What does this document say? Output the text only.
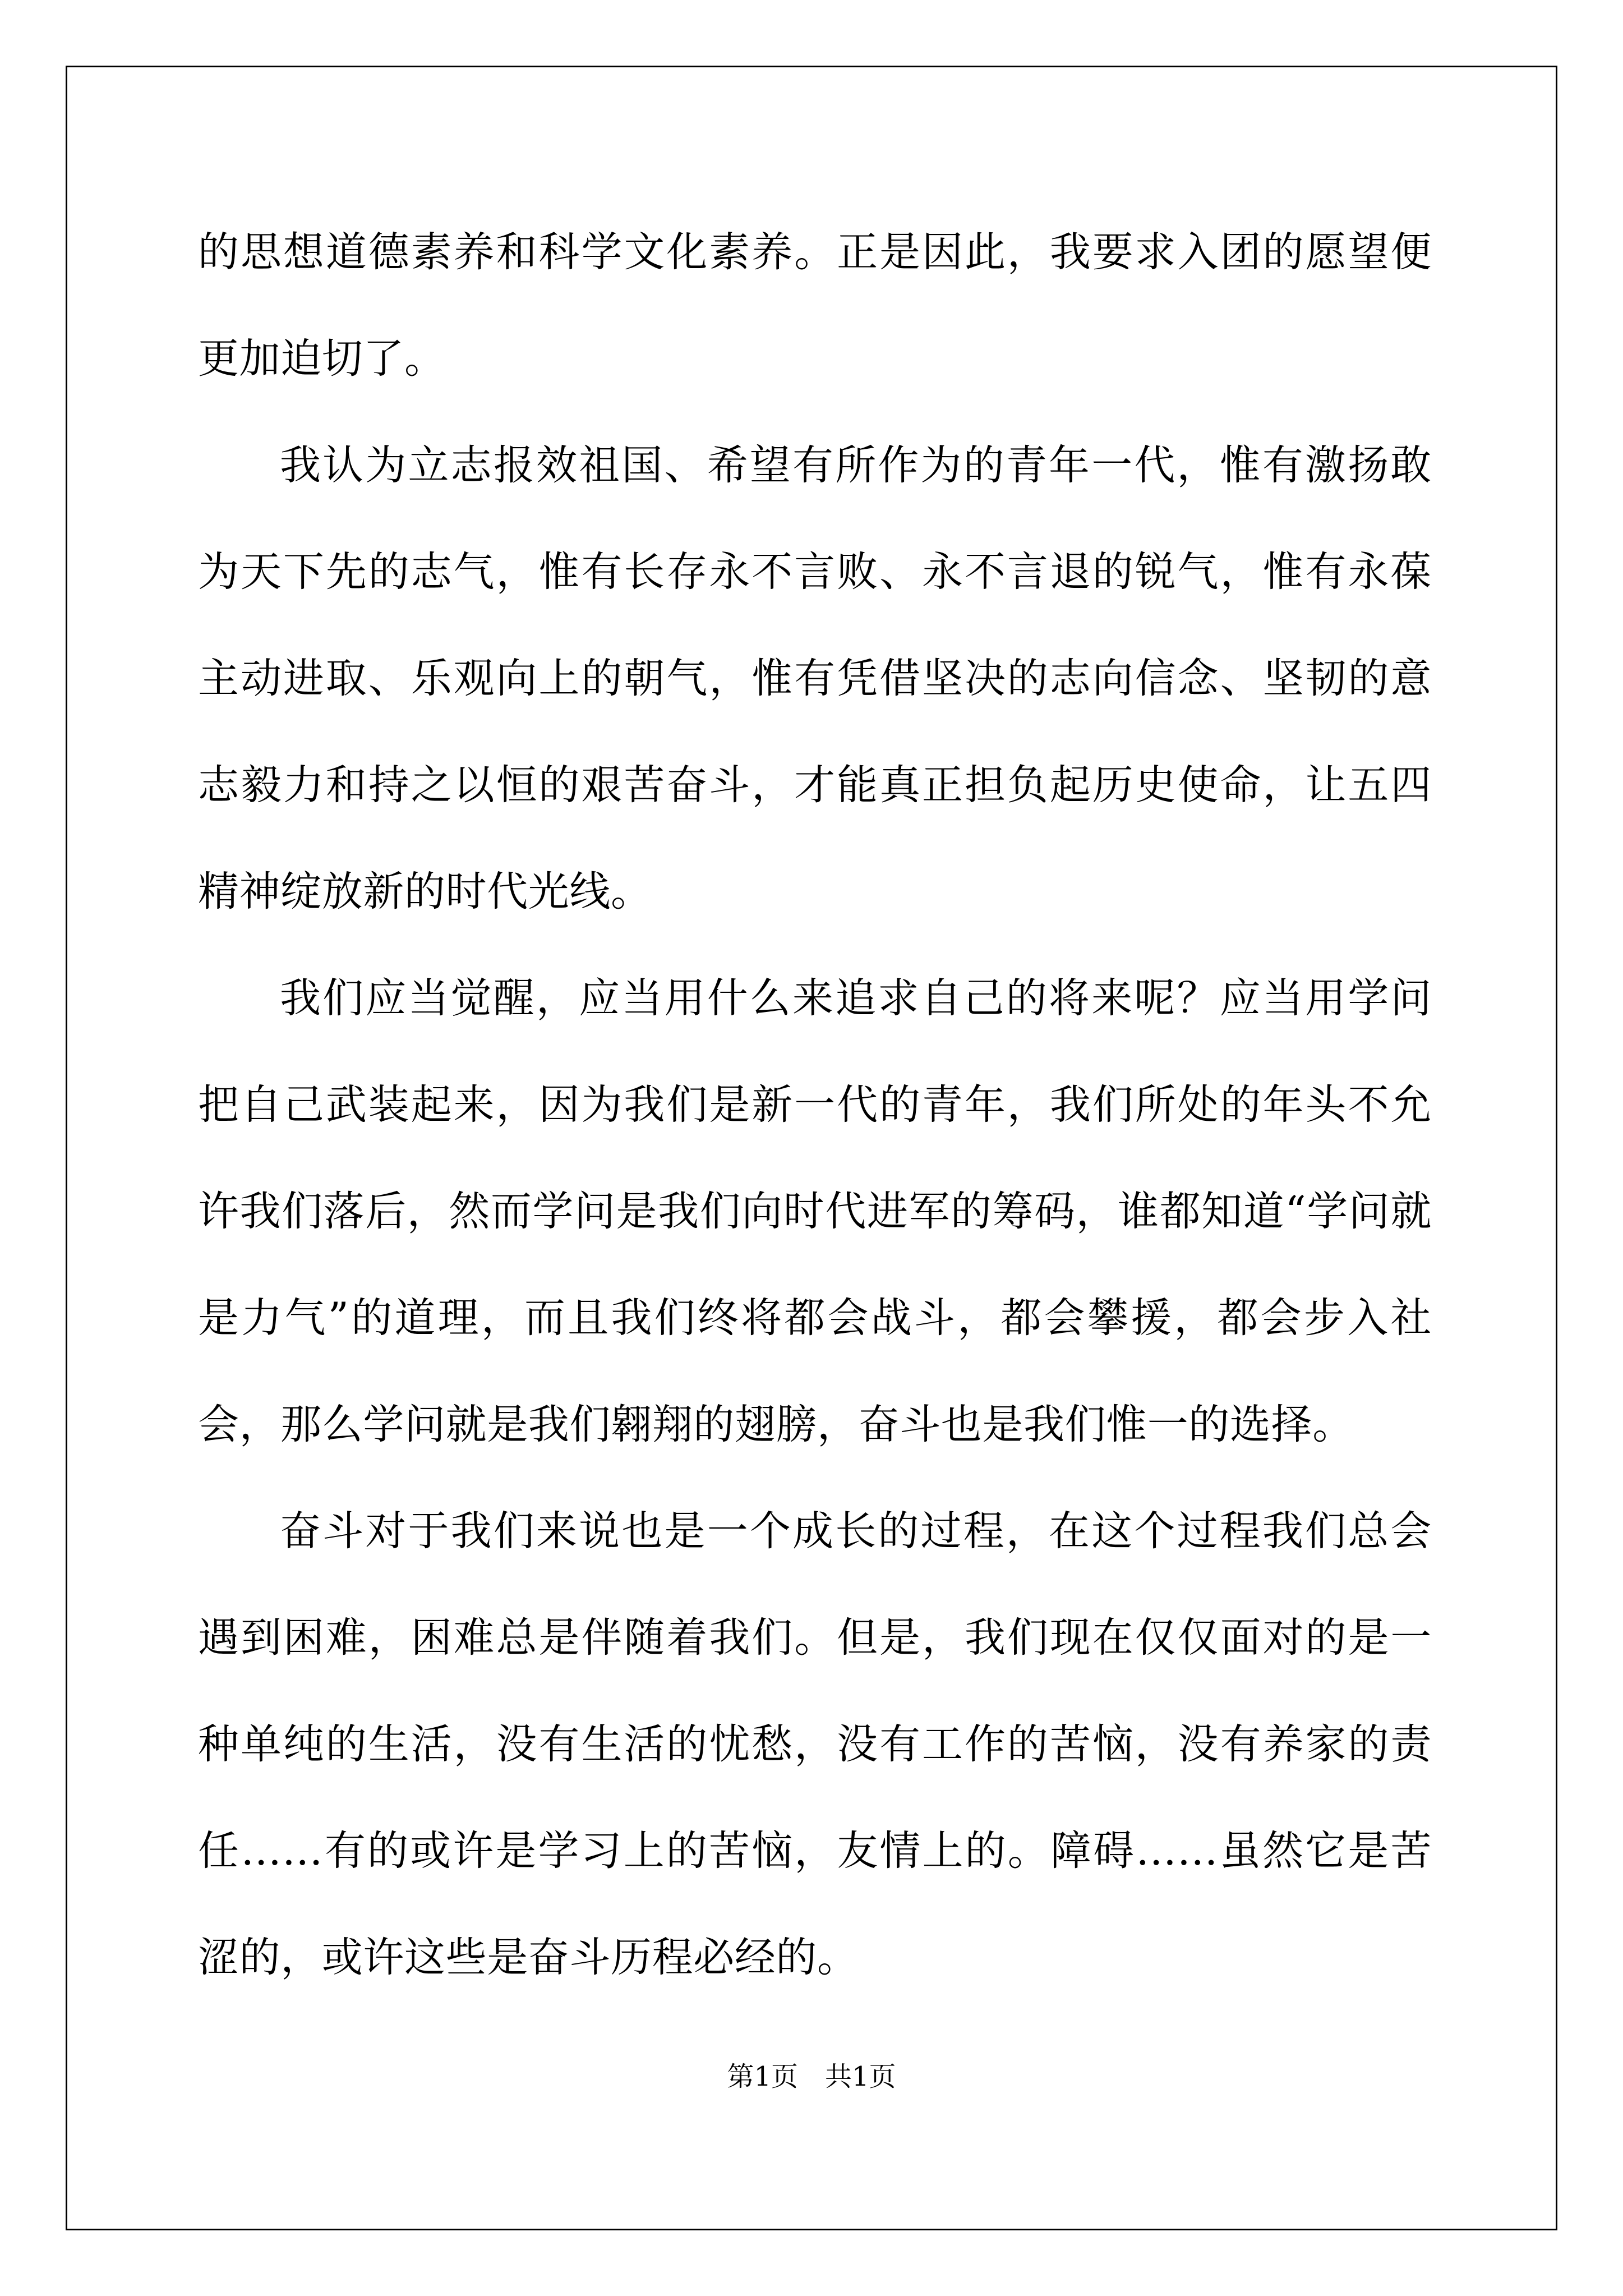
的思想道德素养和科学文化素养。正是因此，我要求入团的愿望便更加迫切了。

我认为立志报效祖国、希望有所作为的青年一代，惟有激扬敢为天下先的志气，惟有长存永不言败、永不言退的锐气，惟有永葆主动进取、乐观向上的朝气，惟有凭借坚决的志向信念、坚韧的意志毅力和持之以恒的艰苦奋斗，才能真正担负起历史使命，让五四精神绽放新的时代光线。

我们应当觉醒，应当用什么来追求自己的将来呢？应当用学问把自己武装起来，因为我们是新一代的青年，我们所处的年头不允许我们落后，然而学问是我们向时代进军的筹码，谁都知道“学问就是力气”的道理，而且我们终将都会战斗，都会攀援，都会步入社会，那么学问就是我们翱翔的翅膀，奋斗也是我们惟一的选择。

奋斗对于我们来说也是一个成长的过程，在这个过程我们总会遇到困难，困难总是伴随着我们。但是，我们现在仅仅面对的是一种单纯的生活，没有生活的忧愁，没有工作的苦恼，没有养家的责任……有的或许是学习上的苦恼，友情上的。障碍……虽然它是苦涩的，或许这些是奋斗历程必经的。

第1页 共1页
